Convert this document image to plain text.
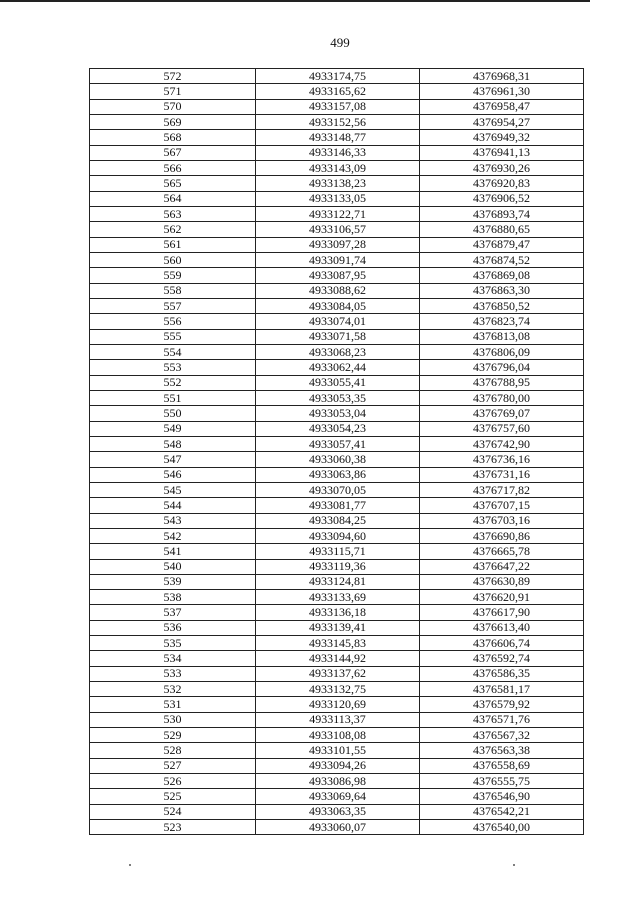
499
572	4933174,75	4376968,31
571	4933165,62	4376961,30
570	4933157,08	4376958,47
569	4933152,56	4376954,27
568	4933148,77	4376949,32
567	4933146,33	4376941,13
566	4933143,09	4376930,26
565	4933138,23	4376920,83
564	4933133,05	4376906,52
563	4933122,71	4376893,74
562	4933106,57	4376880,65
561	4933097,28	4376879,47
560	4933091,74	4376874,52
559	4933087,95	4376869,08
558	4933088,62	4376863,30
557	4933084,05	4376850,52
556	4933074,01	4376823,74
555	4933071,58	4376813,08
554	4933068,23	4376806,09
553	4933062,44	4376796,04
552	4933055,41	4376788,95
551	4933053,35	4376780,00
550	4933053,04	4376769,07
549	4933054,23	4376757,60
548	4933057,41	4376742,90
547	4933060,38	4376736,16
546	4933063,86	4376731,16
545	4933070,05	4376717,82
544	4933081,77	4376707,15
543	4933084,25	4376703,16
542	4933094,60	4376690,86
541	4933115,71	4376665,78
540	4933119,36	4376647,22
539	4933124,81	4376630,89
538	4933133,69	4376620,91
537	4933136,18	4376617,90
536	4933139,41	4376613,40
535	4933145,83	4376606,74
534	4933144,92	4376592,74
533	4933137,62	4376586,35
532	4933132,75	4376581,17
531	4933120,69	4376579,92
530	4933113,37	4376571,76
529	4933108,08	4376567,32
528	4933101,55	4376563,38
527	4933094,26	4376558,69
526	4933086,98	4376555,75
525	4933069,64	4376546,90
524	4933063,35	4376542,21
523	4933060,07	4376540,00
